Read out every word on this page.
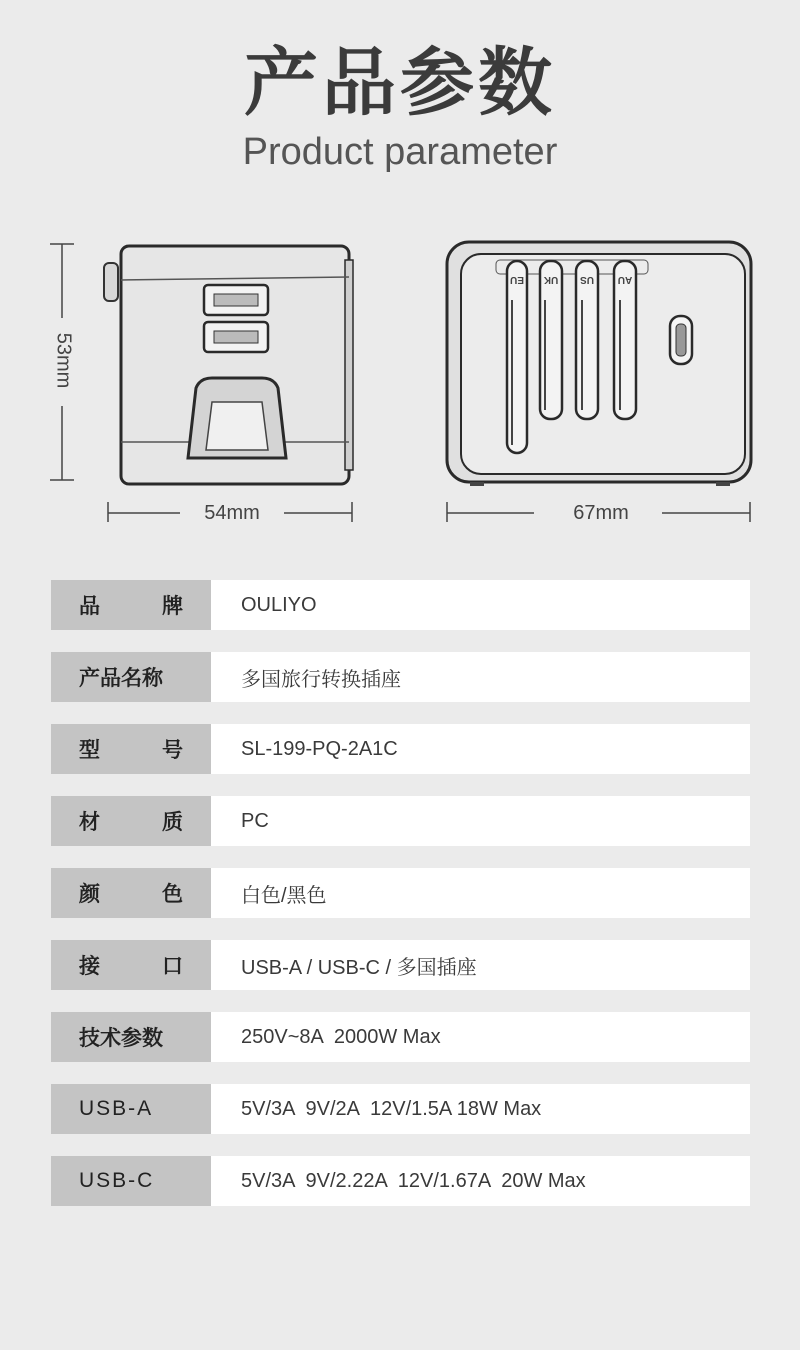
产品参数
Product parameter
EU	UK	US	AU
53mm
54mm	67mm
品	牌	OULIYO
产品名称	多国旅行转换插座
型	号	SL-199-PQ-2A1C
材	质	PC
颜	色	白色/黑色
接	口	USB-A / USB-C / 多国插座
技术参数	250V~8A  2000W Max
USB-A	5V/3A  9V/2A  12V/1.5A 18W Max
USB-C	5V/3A  9V/2.22A  12V/1.67A  20W Max
